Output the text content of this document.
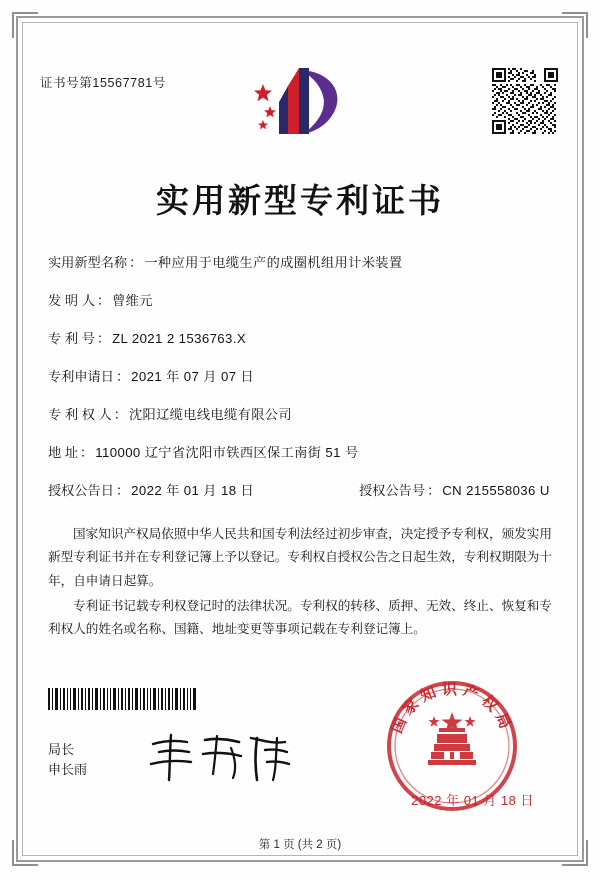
证书号第15567781号
实用新型专利证书
实用新型名称 ： 一种应用于电缆生产的成圈机组用计米装置
发 明 人 ： 曾维元
专 利 号 ： ZL 2021 2 1536763.X
专利申请日 ： 2021 年 07 月 07 日
专 利 权 人 ： 沈阳辽缆电线电缆有限公司
地 址 ： 110000 辽宁省沈阳市铁西区保工南街 51 号
授权公告日 ： 2022 年 01 月 18 日	授权公告号 ： CN 215558036 U

国家知识产权局依照中华人民共和国专利法经过初步审查，决定授予专利权，颁发实用新型专利证书并在专利登记簿上予以登记。专利权自授权公告之日起生效，专利权期限为十年，自申请日起算。

专利证书记载专利权登记时的法律状况。专利权的转移、质押、无效、终止、恢复和专利权人的姓名或名称、国籍、地址变更等事项记载在专利登记簿上。

局长
申长雨
国家知识产权局
2022 年 01 月 18 日
第 1 页 (共 2 页)
